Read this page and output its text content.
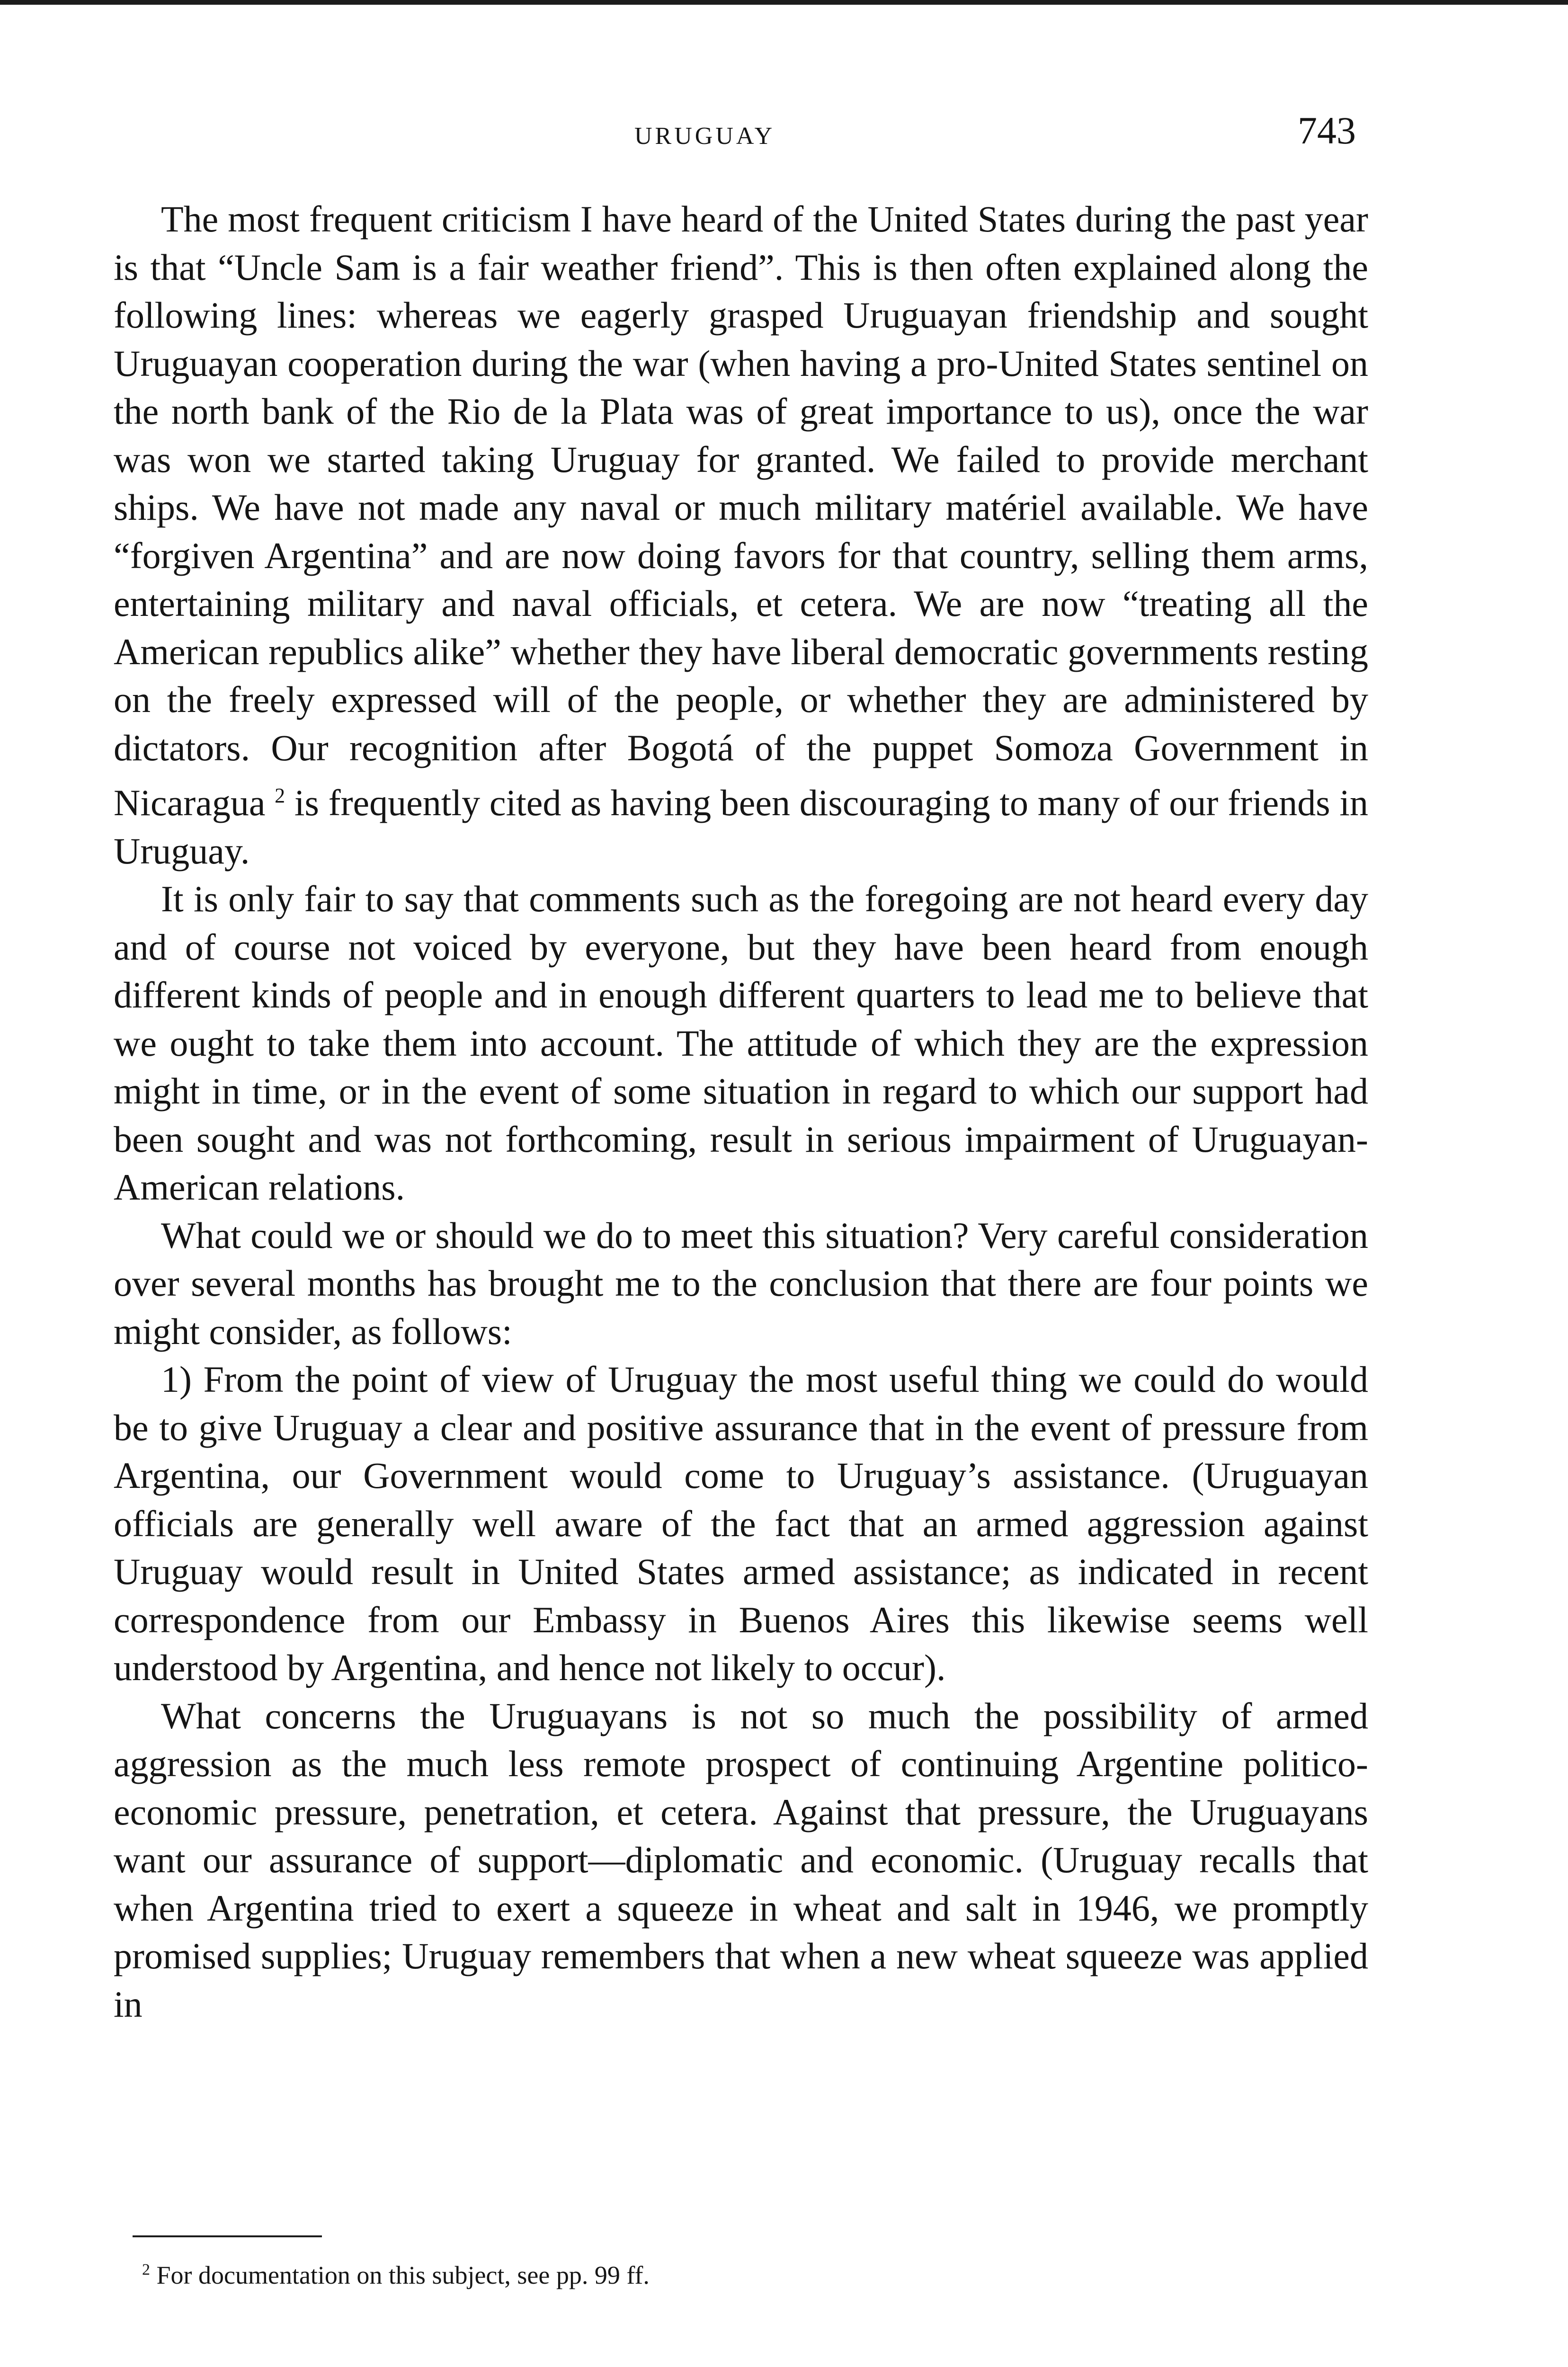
URUGUAY	743

The most frequent criticism I have heard of the United States during the past year is that “Uncle Sam is a fair weather friend”. This is then often explained along the following lines: whereas we eagerly grasped Uruguayan friendship and sought Uruguayan cooperation during the war (when having a pro-United States sentinel on the north bank of the Rio de la Plata was of great importance to us), once the war was won we started taking Uruguay for granted. We failed to provide merchant ships. We have not made any naval or much military matériel available. We have “forgiven Argentina” and are now doing favors for that country, selling them arms, entertaining military and naval officials, et cetera. We are now “treating all the American republics alike” whether they have liberal democratic governments resting on the freely expressed will of the people, or whether they are administered by dictators. Our recognition after Bogotá of the puppet Somoza Government in Nicaragua $^2$ is frequently cited as having been discouraging to many of our friends in Uruguay.

It is only fair to say that comments such as the foregoing are not heard every day and of course not voiced by everyone, but they have been heard from enough different kinds of people and in enough different quarters to lead me to believe that we ought to take them into account. The attitude of which they are the expression might in time, or in the event of some situation in regard to which our support had been sought and was not forthcoming, result in serious impairment of Uruguayan-American relations.

What could we or should we do to meet this situation? Very careful consideration over several months has brought me to the conclusion that there are four points we might consider, as follows:

1) From the point of view of Uruguay the most useful thing we could do would be to give Uruguay a clear and positive assurance that in the event of pressure from Argentina, our Government would come to Uruguay’s assistance. (Uruguayan officials are generally well aware of the fact that an armed aggression against Uruguay would result in United States armed assistance; as indicated in recent correspondence from our Embassy in Buenos Aires this likewise seems well understood by Argentina, and hence not likely to occur).

What concerns the Uruguayans is not so much the possibility of armed aggression as the much less remote prospect of continuing Argentine politico-economic pressure, penetration, et cetera. Against that pressure, the Uruguayans want our assurance of support—diplomatic and economic. (Uruguay recalls that when Argentina tried to exert a squeeze in wheat and salt in 1946, we promptly promised supplies; Uruguay remembers that when a new wheat squeeze was applied in

$^2$ For documentation on this subject, see pp. 99 ff.
